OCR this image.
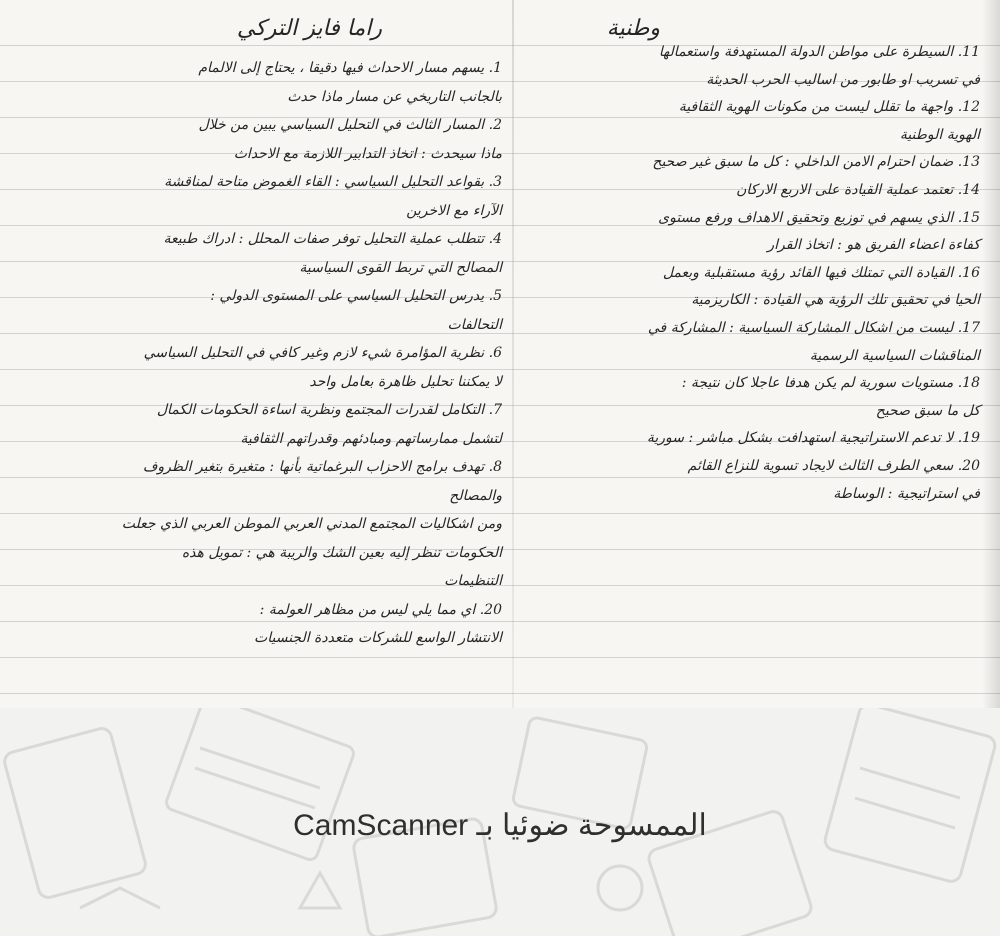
راما فايز التركي
1. يسهم مسار الاحداث فيها دقيقا ، يحتاج إلى الالمام
بالجانب التاريخي عن مسار ماذا حدث
2. المسار الثالث في التحليل السياسي يبين من خلال
ماذا سيحدث : اتخاذ التدابير اللازمة مع الاحداث
3. بقواعد التحليل السياسي : القاء الغموض متاحة لمناقشة
الآراء مع الاخرين
4. تتطلب عملية التحليل توفر صفات المحلل : ادراك طبيعة
المصالح التي تربط القوى السياسية
5. يدرس التحليل السياسي على المستوى الدولي :
التحالفات
6. نظرية المؤامرة شيء لازم وغير كافي في التحليل السياسي
لا يمكننا تحليل ظاهرة بعامل واحد
7. التكامل لقدرات المجتمع ونظرية اساءة الحكومات الكمال
لتشمل ممارساتهم ومبادئهم وقدراتهم الثقافية
8. تهدف برامج الاحزاب البرغماتية بأنها : متغيرة بتغير الظروف
والمصالح
ومن اشكاليات المجتمع المدني العربي الموطن العربي الذي جعلت
الحكومات تنظر إليه بعين الشك والريبة هي : تمويل هذه
التنظيمات
20. اي مما يلي ليس من مظاهر العولمة :
الانتشار الواسع للشركات متعددة الجنسيات
وطنية
11. السيطرة على مواطن الدولة المستهدفة واستعمالها
في تسريب او طابور من اساليب الحرب الحديثة
12. واجهة ما تقلل ليست من مكونات الهوية الثقافية
الهوية الوطنية
13. ضمان احترام الامن الداخلي : كل ما سبق غير صحيح
14. تعتمد عملية القيادة على الاربع الاركان
15. الذي يسهم في توزيع وتحقيق الاهداف ورفع مستوى
كفاءة اعضاء الفريق هو : اتخاذ القرار
16. القيادة التي تمتلك فيها القائد رؤية مستقبلية وبعمل
الحيا في تحقيق تلك الرؤية هي القيادة : الكاريزمية
17. ليست من اشكال المشاركة السياسية : المشاركة في
المناقشات السياسية الرسمية
18. مستويات سورية لم يكن هدفا عاجلا كان نتيجة :
كل ما سبق صحيح
19. لا تدعم الاستراتيجية استهدافت بشكل مباشر : سورية
20. سعي الطرف الثالث لايجاد تسوية للنزاع القائم
في استراتيجية : الوساطة
الممسوحة ضوئيا بـ CamScanner
